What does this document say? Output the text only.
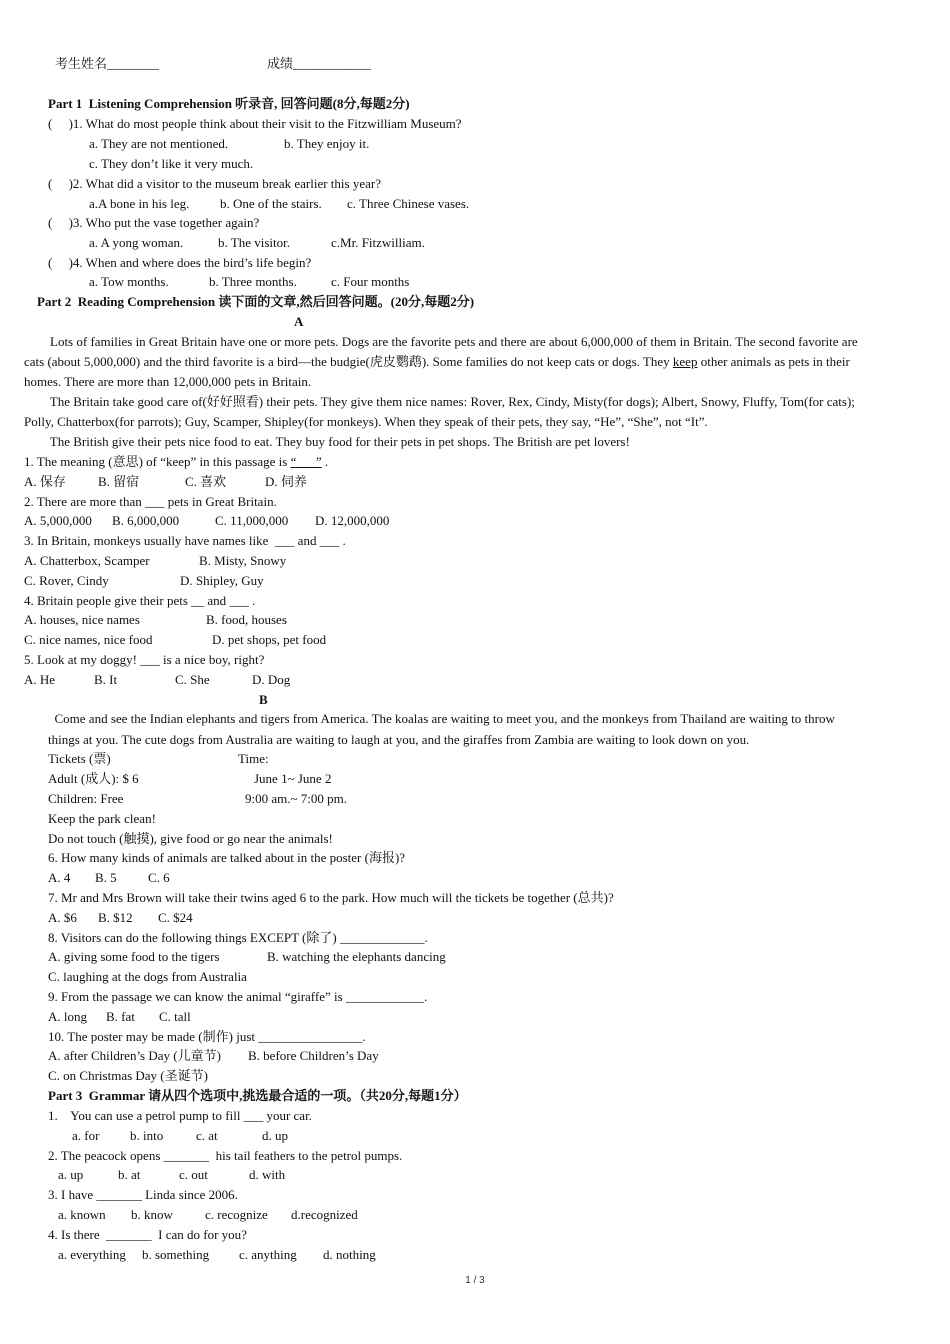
考生姓名________	成绩____________
Part 1  Listening Comprehension 听录音, 回答问题(8分,每题2分)
(     )1. What do most people think about their visit to the Fitzwilliam Museum?
a. They are not mentioned.	b. They enjoy it.
c. They don’t like it very much.
(     )2. What did a visitor to the museum break earlier this year?
a.A bone in his leg. b. One of the stairs. c. Three Chinese vases.
(     )3. Who put the vase together again?
a. A yong woman.	b. The visitor.	c.Mr. Fitzwilliam.
(     )4. When and where does the bird’s life begin?
a. Tow months.	b. Three months.	c. Four months
Part 2  Reading Comprehension 读下面的文章,然后回答问题。(20分,每题2分)
A
Lots of families in Great Britain have one or more pets. Dogs are the favorite pets and there are about 6,000,000 of them in Britain. The second favorite are
cats (about 5,000,000) and the third favorite is a bird—the budgie(虎皮鹦鹉). Some families do not keep cats or dogs. They keep other animals as pets in their
homes. There are more than 12,000,000 pets in Britain.
The Britain take good care of(好好照看) their pets. They give them nice names: Rover, Rex, Cindy, Misty(for dogs); Albert, Snowy, Fluffy, Tom(for cats);
Polly, Chatterbox(for parrots); Guy, Scamper, Shipley(for monkeys). When they speak of their pets, they say, “He”, “She”, not “It”.
The British give their pets nice food to eat. They buy food for their pets in pet shops. The British are pet lovers!
1. The meaning (意思) of “keep” in this passage is “___” .
A. 保存 B. 留宿	C. 喜欢	D. 伺养
2. There are more than ___ pets in Great Britain.
A. 5,000,000 B. 6,000,000	C. 11,000,000 D. 12,000,000
3. In Britain, monkeys usually have names like  ___ and ___ .
A. Chatterbox, Scamper	B. Misty, Snowy
C. Rover, Cindy	D. Shipley, Guy
4. Britain people give their pets __ and ___ .
A. houses, nice names	B. food, houses
C. nice names, nice food	D. pet shops, pet food
5. Look at my doggy! ___ is a nice boy, right?
A. He	B. It	C. She	D. Dog
B
Come and see the Indian elephants and tigers from America. The koalas are waiting to meet you, and the monkeys from Thailand are waiting to throw
things at you. The cute dogs from Australia are waiting to laugh at you, and the giraffes from Zambia are waiting to look down on you.
Tickets (票)	Time:
Adult (成人): $ 6	June 1~ June 2
Children: Free	9:00 am.~ 7:00 pm.
Keep the park clean!
Do not touch (触摸), give food or go near the animals!
6. How many kinds of animals are talked about in the poster (海报)?
A. 4 B. 5 C. 6
7. Mr and Mrs Brown will take their twins aged 6 to the park. How much will the tickets be together (总共)?
A. $6 B. $12 C. $24
8. Visitors can do the following things EXCEPT (除了) _____________.
A. giving some food to the tigers	B. watching the elephants dancing
C. laughing at the dogs from Australia
9. From the passage we can know the animal “giraffe” is ____________.
A. long B. fat C. tall
10. The poster may be made (制作) just ________________.
A. after Children’s Day (儿童节) B. before Children’s Day
C. on Christmas Day (圣诞节)
Part 3  Grammar 请从四个选项中,挑选最合适的一项。（共20分,每题1分）
1.    You can use a petrol pump to fill ___ your car.
a. for b. into	c. at	d. up
2. The peacock opens _______  his tail feathers to the petrol pumps.
a. up	b. at	c. out	d. with
3. I have _______ Linda since 2006.
a. known b. know c. recognize d.recognized
4. Is there  _______  I can do for you?
a. everything b. something c. anything d. nothing
1 / 3
